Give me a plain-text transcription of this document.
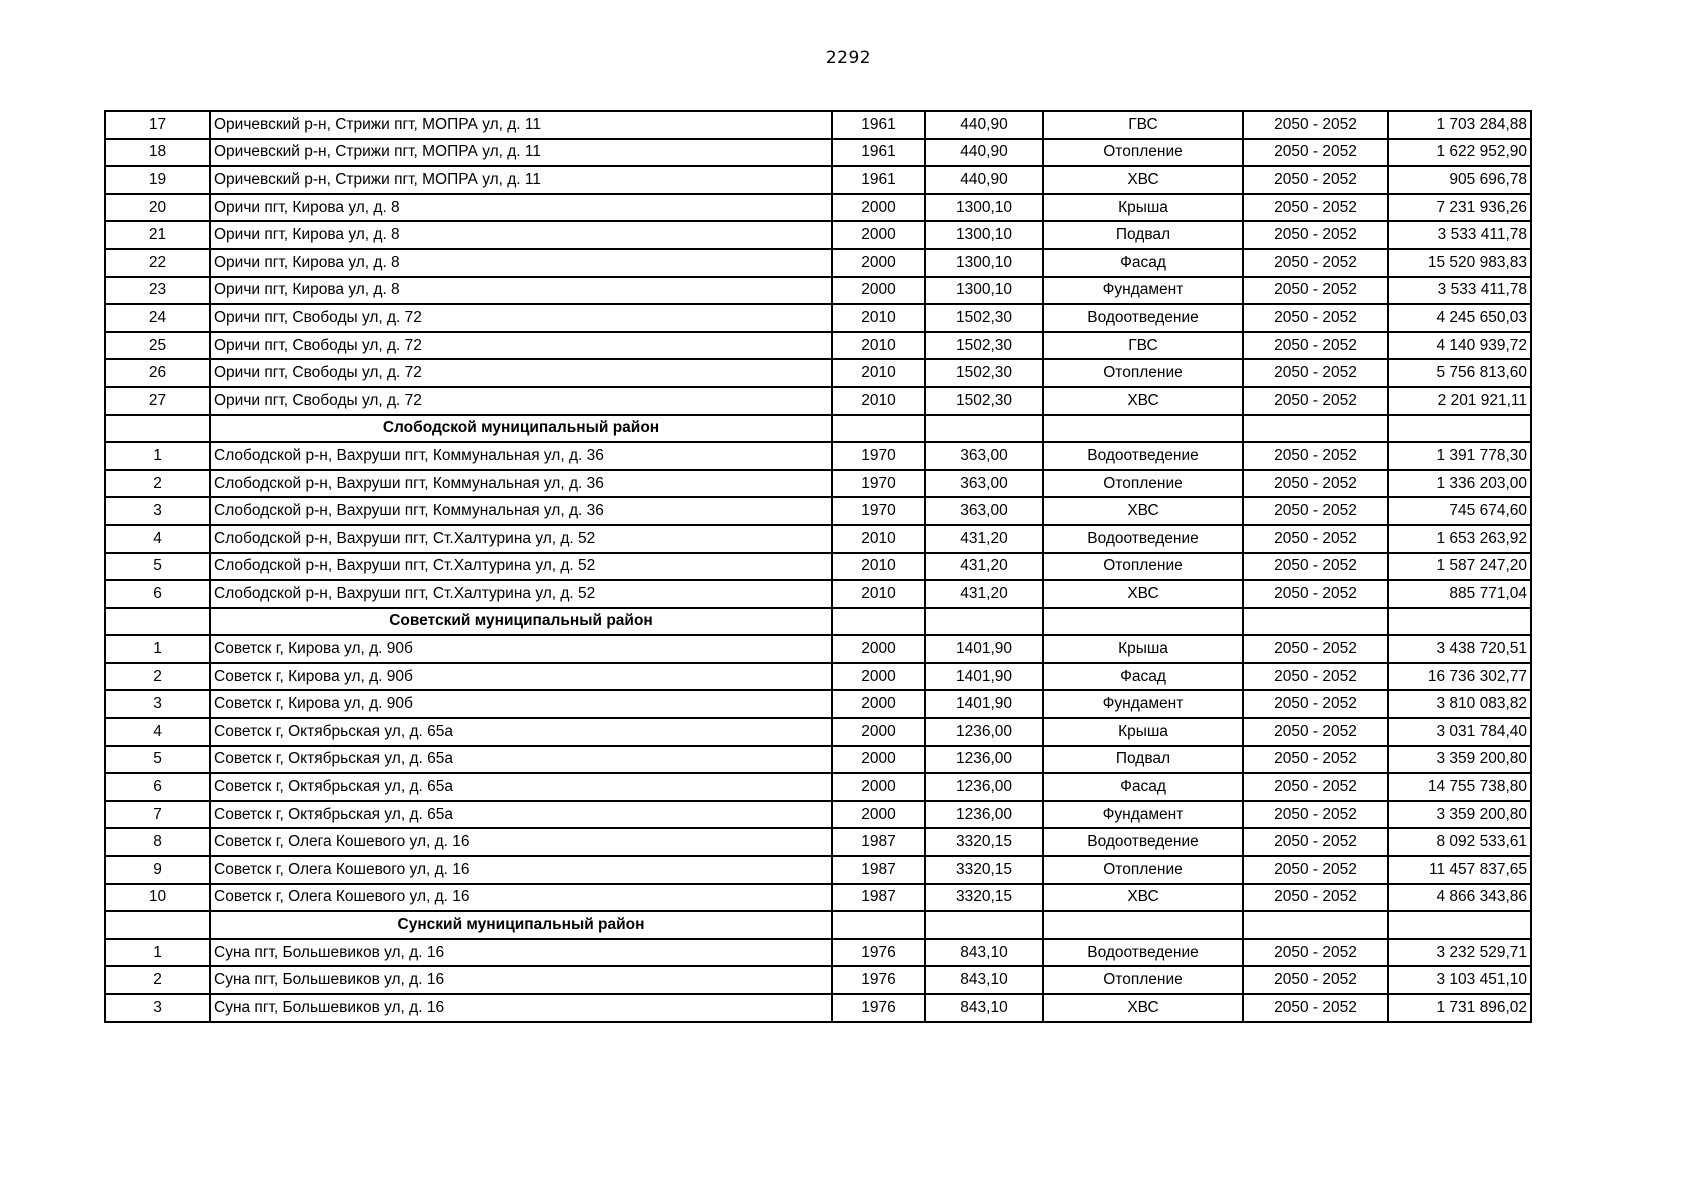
2292
17	Оричевский р-н, Стрижи пгт, МОПРА ул, д. 11	1961	440,90	ГВС	2050 - 2052	1 703 284,88
18	Оричевский р-н, Стрижи пгт, МОПРА ул, д. 11	1961	440,90	Отопление	2050 - 2052	1 622 952,90
19	Оричевский р-н, Стрижи пгт, МОПРА ул, д. 11	1961	440,90	ХВС	2050 - 2052	905 696,78
20	Оричи пгт, Кирова ул, д. 8	2000	1300,10	Крыша	2050 - 2052	7 231 936,26
21	Оричи пгт, Кирова ул, д. 8	2000	1300,10	Подвал	2050 - 2052	3 533 411,78
22	Оричи пгт, Кирова ул, д. 8	2000	1300,10	Фасад	2050 - 2052	15 520 983,83
23	Оричи пгт, Кирова ул, д. 8	2000	1300,10	Фундамент	2050 - 2052	3 533 411,78
24	Оричи пгт, Свободы ул, д. 72	2010	1502,30	Водоотведение	2050 - 2052	4 245 650,03
25	Оричи пгт, Свободы ул, д. 72	2010	1502,30	ГВС	2050 - 2052	4 140 939,72
26	Оричи пгт, Свободы ул, д. 72	2010	1502,30	Отопление	2050 - 2052	5 756 813,60
27	Оричи пгт, Свободы ул, д. 72	2010	1502,30	ХВС	2050 - 2052	2 201 921,11
	Слободской муниципальный район					
1	Слободской р-н, Вахруши пгт, Коммунальная ул, д. 36	1970	363,00	Водоотведение	2050 - 2052	1 391 778,30
2	Слободской р-н, Вахруши пгт, Коммунальная ул, д. 36	1970	363,00	Отопление	2050 - 2052	1 336 203,00
3	Слободской р-н, Вахруши пгт, Коммунальная ул, д. 36	1970	363,00	ХВС	2050 - 2052	745 674,60
4	Слободской р-н, Вахруши пгт, Ст.Халтурина ул, д. 52	2010	431,20	Водоотведение	2050 - 2052	1 653 263,92
5	Слободской р-н, Вахруши пгт, Ст.Халтурина ул, д. 52	2010	431,20	Отопление	2050 - 2052	1 587 247,20
6	Слободской р-н, Вахруши пгт, Ст.Халтурина ул, д. 52	2010	431,20	ХВС	2050 - 2052	885 771,04
	Советский муниципальный район					
1	Советск г, Кирова ул, д. 90б	2000	1401,90	Крыша	2050 - 2052	3 438 720,51
2	Советск г, Кирова ул, д. 90б	2000	1401,90	Фасад	2050 - 2052	16 736 302,77
3	Советск г, Кирова ул, д. 90б	2000	1401,90	Фундамент	2050 - 2052	3 810 083,82
4	Советск г, Октябрьская ул, д. 65а	2000	1236,00	Крыша	2050 - 2052	3 031 784,40
5	Советск г, Октябрьская ул, д. 65а	2000	1236,00	Подвал	2050 - 2052	3 359 200,80
6	Советск г, Октябрьская ул, д. 65а	2000	1236,00	Фасад	2050 - 2052	14 755 738,80
7	Советск г, Октябрьская ул, д. 65а	2000	1236,00	Фундамент	2050 - 2052	3 359 200,80
8	Советск г, Олега Кошевого ул, д. 16	1987	3320,15	Водоотведение	2050 - 2052	8 092 533,61
9	Советск г, Олега Кошевого ул, д. 16	1987	3320,15	Отопление	2050 - 2052	11 457 837,65
10	Советск г, Олега Кошевого ул, д. 16	1987	3320,15	ХВС	2050 - 2052	4 866 343,86
	Сунский муниципальный район					
1	Суна пгт, Большевиков ул, д. 16	1976	843,10	Водоотведение	2050 - 2052	3 232 529,71
2	Суна пгт, Большевиков ул, д. 16	1976	843,10	Отопление	2050 - 2052	3 103 451,10
3	Суна пгт, Большевиков ул, д. 16	1976	843,10	ХВС	2050 - 2052	1 731 896,02
